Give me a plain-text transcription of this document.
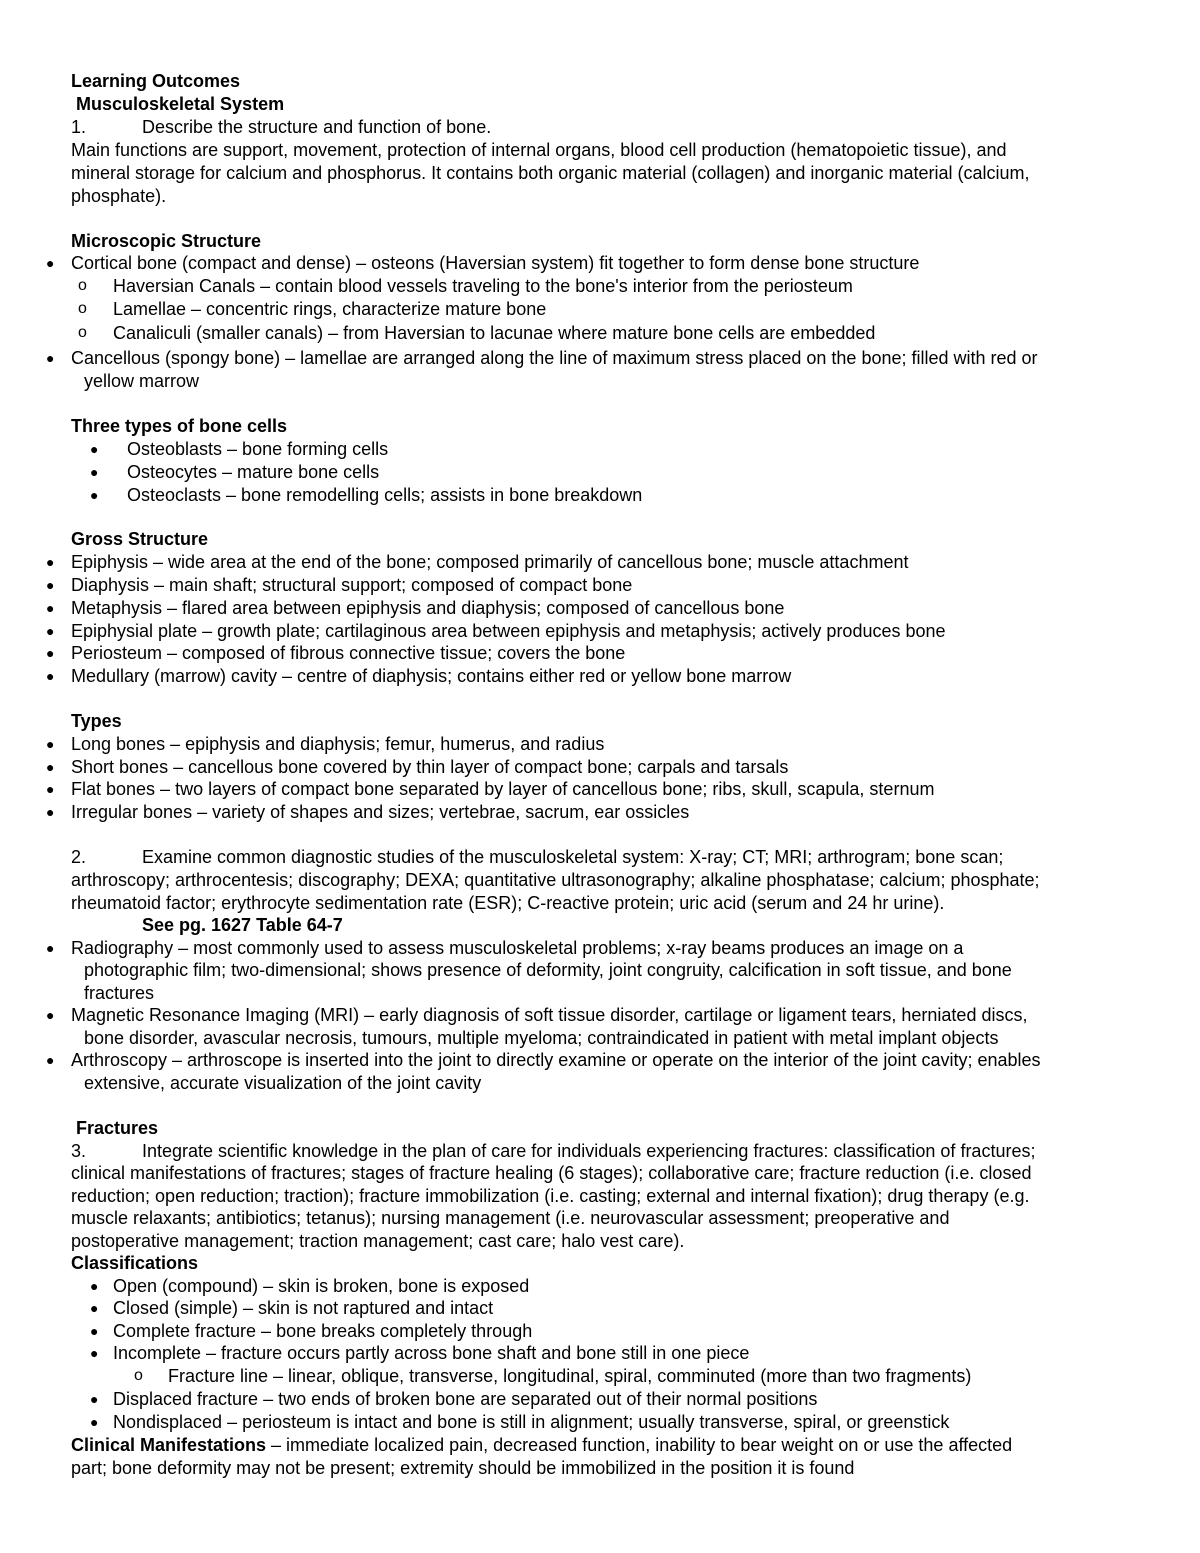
Learning Outcomes
Musculoskeletal System
1.	Describe the structure and function of bone.
Main functions are support, movement, protection of internal organs, blood cell production (hematopoietic tissue), and
mineral storage for calcium and phosphorus. It contains both organic material (collagen) and inorganic material (calcium,
phosphate).
Microscopic Structure
● Cortical bone (compact and dense) – osteons (Haversian system) fit together to form dense bone structure
o Haversian Canals – contain blood vessels traveling to the bone's interior from the periosteum
o Lamellae – concentric rings, characterize mature bone
o Canaliculi (smaller canals) – from Haversian to lacunae where mature bone cells are embedded
● Cancellous (spongy bone) – lamellae are arranged along the line of maximum stress placed on the bone; filled with red or
yellow marrow
Three types of bone cells
● Osteoblasts – bone forming cells
● Osteocytes – mature bone cells
● Osteoclasts – bone remodelling cells; assists in bone breakdown
Gross Structure
● Epiphysis – wide area at the end of the bone; composed primarily of cancellous bone; muscle attachment
● Diaphysis – main shaft; structural support; composed of compact bone
● Metaphysis – flared area between epiphysis and diaphysis; composed of cancellous bone
● Epiphysial plate – growth plate; cartilaginous area between epiphysis and metaphysis; actively produces bone
● Periosteum – composed of fibrous connective tissue; covers the bone
● Medullary (marrow) cavity – centre of diaphysis; contains either red or yellow bone marrow
Types
● Long bones – epiphysis and diaphysis; femur, humerus, and radius
● Short bones – cancellous bone covered by thin layer of compact bone; carpals and tarsals
● Flat bones – two layers of compact bone separated by layer of cancellous bone; ribs, skull, scapula, sternum
● Irregular bones – variety of shapes and sizes; vertebrae, sacrum, ear ossicles
2.	Examine common diagnostic studies of the musculoskeletal system: X-ray; CT; MRI; arthrogram; bone scan;
arthroscopy; arthrocentesis; discography; DEXA; quantitative ultrasonography; alkaline phosphatase; calcium; phosphate;
rheumatoid factor; erythrocyte sedimentation rate (ESR); C-reactive protein; uric acid (serum and 24 hr urine).
See pg. 1627 Table 64-7
● Radiography – most commonly used to assess musculoskeletal problems; x-ray beams produces an image on a
photographic film; two-dimensional; shows presence of deformity, joint congruity, calcification in soft tissue, and bone
fractures
● Magnetic Resonance Imaging (MRI) – early diagnosis of soft tissue disorder, cartilage or ligament tears, herniated discs,
bone disorder, avascular necrosis, tumours, multiple myeloma; contraindicated in patient with metal implant objects
● Arthroscopy – arthroscope is inserted into the joint to directly examine or operate on the interior of the joint cavity; enables
extensive, accurate visualization of the joint cavity
Fractures
3.	Integrate scientific knowledge in the plan of care for individuals experiencing fractures: classification of fractures;
clinical manifestations of fractures; stages of fracture healing (6 stages); collaborative care; fracture reduction (i.e. closed
reduction; open reduction; traction); fracture immobilization (i.e. casting; external and internal fixation); drug therapy (e.g.
muscle relaxants; antibiotics; tetanus); nursing management (i.e. neurovascular assessment; preoperative and
postoperative management; traction management; cast care; halo vest care).
Classifications
● Open (compound) – skin is broken, bone is exposed
● Closed (simple) – skin is not raptured and intact
● Complete fracture – bone breaks completely through
● Incomplete – fracture occurs partly across bone shaft and bone still in one piece
o Fracture line – linear, oblique, transverse, longitudinal, spiral, comminuted (more than two fragments)
● Displaced fracture – two ends of broken bone are separated out of their normal positions
● Nondisplaced – periosteum is intact and bone is still in alignment; usually transverse, spiral, or greenstick
Clinical Manifestations – immediate localized pain, decreased function, inability to bear weight on or use the affected
part; bone deformity may not be present; extremity should be immobilized in the position it is found
